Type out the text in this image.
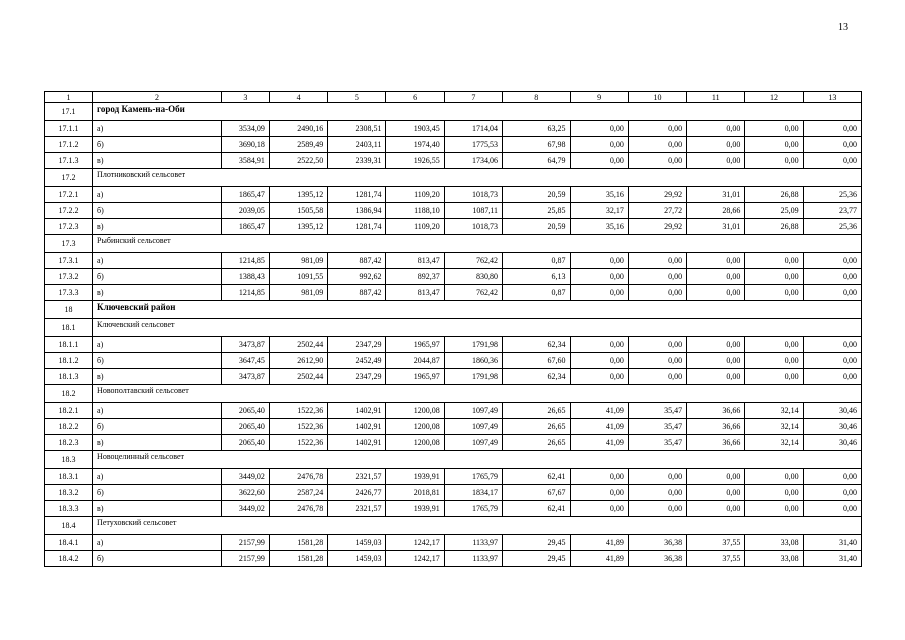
13
1	2	3	4	5	6	7	8	9	10	11	12	13
17.1	город Камень-на-Оби											
17.1.1	а)	3534,09	2490,16	2308,51	1903,45	1714,04	63,25	0,00	0,00	0,00	0,00	0,00
17.1.2	б)	3690,18	2589,49	2403,11	1974,40	1775,53	67,98	0,00	0,00	0,00	0,00	0,00
17.1.3	в)	3584,91	2522,50	2339,31	1926,55	1734,06	64,79	0,00	0,00	0,00	0,00	0,00
17.2	Плотниковский сельсовет											
17.2.1	а)	1865,47	1395,12	1281,74	1109,20	1018,73	20,59	35,16	29,92	31,01	26,88	25,36
17.2.2	б)	2039,05	1505,58	1386,94	1188,10	1087,11	25,85	32,17	27,72	28,66	25,09	23,77
17.2.3	в)	1865,47	1395,12	1281,74	1109,20	1018,73	20,59	35,16	29,92	31,01	26,88	25,36
17.3	Рыбинский сельсовет											
17.3.1	а)	1214,85	981,09	887,42	813,47	762,42	0,87	0,00	0,00	0,00	0,00	0,00
17.3.2	б)	1388,43	1091,55	992,62	892,37	830,80	6,13	0,00	0,00	0,00	0,00	0,00
17.3.3	в)	1214,85	981,09	887,42	813,47	762,42	0,87	0,00	0,00	0,00	0,00	0,00
18	Ключевский район											
18.1	Ключевский сельсовет											
18.1.1	а)	3473,87	2502,44	2347,29	1965,97	1791,98	62,34	0,00	0,00	0,00	0,00	0,00
18.1.2	б)	3647,45	2612,90	2452,49	2044,87	1860,36	67,60	0,00	0,00	0,00	0,00	0,00
18.1.3	в)	3473,87	2502,44	2347,29	1965,97	1791,98	62,34	0,00	0,00	0,00	0,00	0,00
18.2	Новополтавский сельсовет											
18.2.1	а)	2065,40	1522,36	1402,91	1200,08	1097,49	26,65	41,09	35,47	36,66	32,14	30,46
18.2.2	б)	2065,40	1522,36	1402,91	1200,08	1097,49	26,65	41,09	35,47	36,66	32,14	30,46
18.2.3	в)	2065,40	1522,36	1402,91	1200,08	1097,49	26,65	41,09	35,47	36,66	32,14	30,46
18.3	Новоцелинный сельсовет											
18.3.1	а)	3449,02	2476,78	2321,57	1939,91	1765,79	62,41	0,00	0,00	0,00	0,00	0,00
18.3.2	б)	3622,60	2587,24	2426,77	2018,81	1834,17	67,67	0,00	0,00	0,00	0,00	0,00
18.3.3	в)	3449,02	2476,78	2321,57	1939,91	1765,79	62,41	0,00	0,00	0,00	0,00	0,00
18.4	Петуховский сельсовет											
18.4.1	а)	2157,99	1581,28	1459,03	1242,17	1133,97	29,45	41,89	36,38	37,55	33,08	31,40
18.4.2	б)	2157,99	1581,28	1459,03	1242,17	1133,97	29,45	41,89	36,38	37,55	33,08	31,40
